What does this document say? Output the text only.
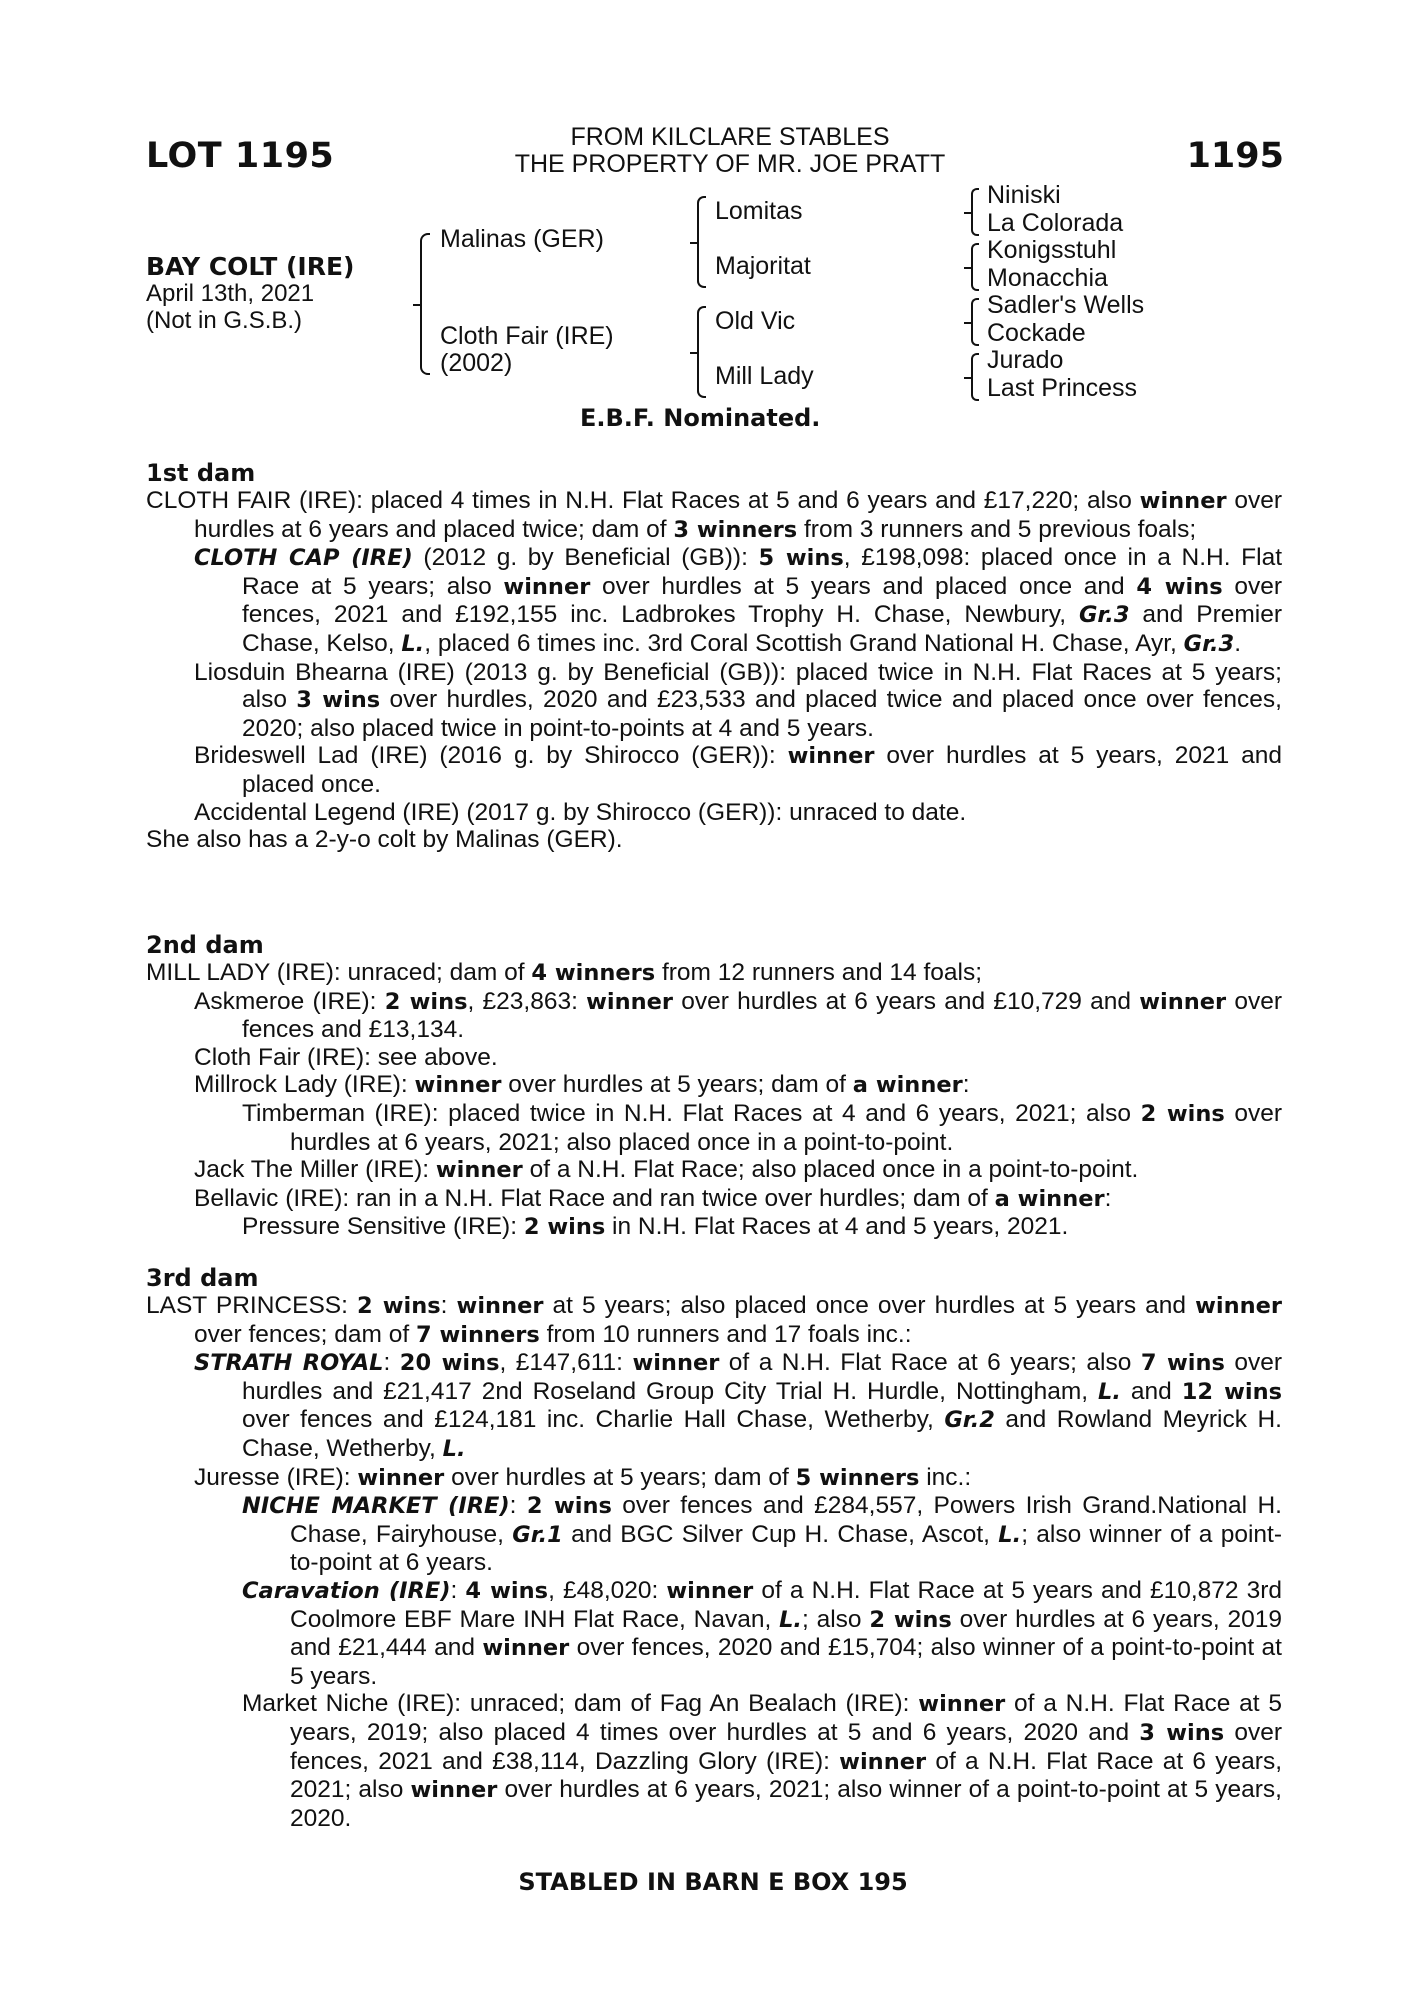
LOT 1195	FROM KILCLARE STABLES
THE PROPERTY OF MR. JOE PRATT	1195
BAY COLT (IRE)
April 13th, 2021
(Not in G.S.B.)
Malinas (GER)
Cloth Fair (IRE)
(2002)
Lomitas
Majoritat
Old Vic
Mill Lady
Niniski
La Colorada
Konigsstuhl
Monacchia
Sadler's Wells
Cockade
Jurado
Last Princess
E.B.F. Nominated.
1st dam

CLOTH FAIR (IRE): placed 4 times in N.H. Flat Races at 5 and 6 years and £17,220; also winner over hurdles at 6 years and placed twice; dam of 3 winners from 3 runners and 5 previous foals;

CLOTH CAP (IRE) (2012 g. by Beneficial (GB)): 5 wins, £198,098: placed once in a N.H. Flat Race at 5 years; also winner over hurdles at 5 years and placed once and 4 wins over fences, 2021 and £192,155 inc. Ladbrokes Trophy H. Chase, Newbury, Gr.3 and Premier Chase, Kelso, L., placed 6 times inc. 3rd Coral Scottish Grand National H. Chase, Ayr, Gr.3.

Liosduin Bhearna (IRE) (2013 g. by Beneficial (GB)): placed twice in N.H. Flat Races at 5 years; also 3 wins over hurdles, 2020 and £23,533 and placed twice and placed once over fences, 2020; also placed twice in point-to-points at 4 and 5 years.

Brideswell Lad (IRE) (2016 g. by Shirocco (GER)): winner over hurdles at 5 years, 2021 and placed once.

Accidental Legend (IRE) (2017 g. by Shirocco (GER)): unraced to date.

She also has a 2-y-o colt by Malinas (GER).

2nd dam

MILL LADY (IRE): unraced; dam of 4 winners from 12 runners and 14 foals;

Askmeroe (IRE): 2 wins, £23,863: winner over hurdles at 6 years and £10,729 and winner over fences and £13,134.

Cloth Fair (IRE): see above.

Millrock Lady (IRE): winner over hurdles at 5 years; dam of a winner:

Timberman (IRE): placed twice in N.H. Flat Races at 4 and 6 years, 2021; also 2 wins over hurdles at 6 years, 2021; also placed once in a point-to-point.

Jack The Miller (IRE): winner of a N.H. Flat Race; also placed once in a point-to-point.

Bellavic (IRE): ran in a N.H. Flat Race and ran twice over hurdles; dam of a winner:

Pressure Sensitive (IRE): 2 wins in N.H. Flat Races at 4 and 5 years, 2021.

3rd dam

LAST PRINCESS: 2 wins: winner at 5 years; also placed once over hurdles at 5 years and winner over fences; dam of 7 winners from 10 runners and 17 foals inc.:

STRATH ROYAL: 20 wins, £147,611: winner of a N.H. Flat Race at 6 years; also 7 wins over hurdles and £21,417 2nd Roseland Group City Trial H. Hurdle, Nottingham, L. and 12 wins over fences and £124,181 inc. Charlie Hall Chase, Wetherby, Gr.2 and Rowland Meyrick H. Chase, Wetherby, L.

Juresse (IRE): winner over hurdles at 5 years; dam of 5 winners inc.:

NICHE MARKET (IRE): 2 wins over fences and £284,557, Powers Irish Grand.National H. Chase, Fairyhouse, Gr.1 and BGC Silver Cup H. Chase, Ascot, L.; also winner of a point-to-point at 6 years.

Caravation (IRE): 4 wins, £48,020: winner of a N.H. Flat Race at 5 years and £10,872 3rd Coolmore EBF Mare INH Flat Race, Navan, L.; also 2 wins over hurdles at 6 years, 2019 and £21,444 and winner over fences, 2020 and £15,704; also winner of a point-to-point at 5 years.

Market Niche (IRE): unraced; dam of Fag An Bealach (IRE): winner of a N.H. Flat Race at 5 years, 2019; also placed 4 times over hurdles at 5 and 6 years, 2020 and 3 wins over fences, 2021 and £38,114, Dazzling Glory (IRE): winner of a N.H. Flat Race at 6 years, 2021; also winner over hurdles at 6 years, 2021; also winner of a point-to-point at 5 years, 2020.

STABLED IN BARN E BOX 195
